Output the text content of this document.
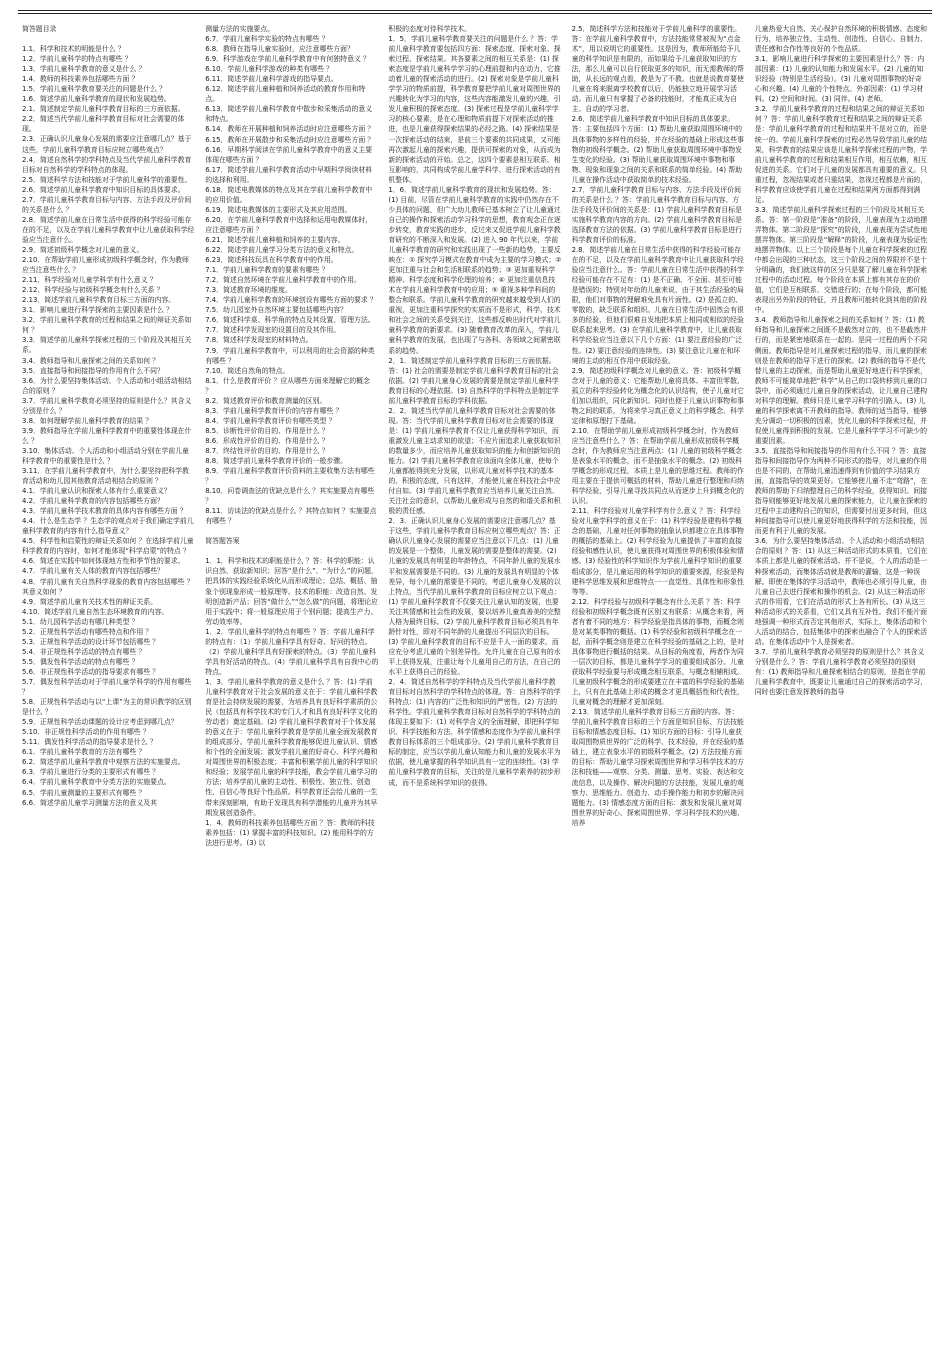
简答题目录

1.1．科学和技术的明能是什么 ？

1.2．学前儿童科学的特点有哪些 ？

1.3．学前儿童科学教育的意义是什么 ？

1.4．教师的科技素养包括哪些方面 ？

1.5．学前儿童科学教育要关注的问题是什么 ？

1.6．简述学前儿童科学教育的现状和发展趋势。

2.1．简述制定学前儿童科学教育目标的三方面依据。

2.2．简述当代学前儿童科学教育目标对社会需要的体现。

2.3．正确认识儿童身心发展的需要应注意哪几点？基于这些，学前儿童科学教育目标应树立哪些观点？

2.4．简述自然科学的学科特点及当代学前儿童科学教育目标对自然科学的学科特点的体现。

2.5．简述科学方法和技能对于学前儿童科学的重要性。

2.6．简述学前儿童科学教育中知识目标的具体要求。

2.7．学前儿童科学教育目标与内容、方法手段及评价间的关系是什么 ？

2.8．简述学前儿童在日常生活中获得的科学经验可能存在的不足，以及在学前儿童科学教育中让儿童获取科学经验应当注意什么。

2.9．简述初级科学概念对儿童的意义。

2.10．在帮助学前儿童形成初级科学概念时，作为教师应当注意些什么 ？

2.11．科学经验对儿童学科学有什么意义 ？

2.12．科学经验与初级科学概念有什么关系 ？

2.13．简述学前儿童科学教育目标三方面的内容。

3.1．影响儿童进行科学探索的主要因素是什么 ？

3.2．学前儿童科学教育的过程和结果之间的辩证关系如何 ？

3.3．简述学前儿童科学探索过程的三个阶段及其相互关系。

3.4．教师指导和儿童探索之间的关系如何 ？

3.5．直接指导和间接指导的作用有什么不同？

3.6．为什么要坚持集体活动、个人活动和小组活动相结合的原则 ？

3.7．学前儿童科学教育必须坚持的原则是什么？其含义分别是什么 ？

3.8．如何理解学前儿童科学教育的结果 ？

3.9．教师指导在学前儿童科学教育中的重要性体现在什么 ？

3.10．集体活动、个人活动和小组活动分别在学前儿童科学教育中的重要性是什么 ？

3.11．在学前儿童科学教育中，为什么要坚持把科学教育活动和幼儿园其他教育活动相结合的原则 ？

4.1．学前儿童认识和探索人体有什么重要意义？

4.2．学前儿童科学教育的内容包括哪些方面？

4.3．学前儿童科学技术教育的具体内容有哪些方面 ？

4.4．什么是生态学 ？生态学的观点对于我们确定学前儿童科学教育的内容有什么指导意义？

4.5．科学性和启蒙性的辩证关系如何 ？在选择学前儿童科学教育的内容时，如何才能体现“科学启蒙”的特点 ？

4.6．简述在实践中如何体现地方性和季节性的要求。

4.7．学前儿童有关人体的教育内容包括哪些？

4.8．学前儿童有关自然科学现象的教育内容包括哪些 ？其意义如何 ？

4.9．简述学前儿童有关技术性的辩证关系。

4.10．简述学前儿童自然生态环境教育的内容。

5.1．幼儿园科学活动有哪几种类型 ？

5.2．正规性科学活动有哪些特点和作用 ？

5.3．正规性科学活动的设计环节包括哪些 ？

5.4．非正规性科学活动的特点有哪些 ？

5.5．偶发性科学活动的特点有哪些 ？

5.6．非正规性科学活动的指导要求有哪些 ？

5.7．偶发性科学活动对于学前儿童学科学的作用有哪些 ？

5.8．正规性科学活动与以“上课”为主的常识教学的区别是什么 ？

5.9．正规性科学活动课题的设计应考虑到哪几点？

5.10．非正规性科学活动的作用有哪些 ？

5.11．偶发性科学活动的指导要求是什么 ？

6.1．学前儿童科学教育的方法有哪些 ？

6.2．简述学前儿童科学教育中观察方法的实施要点。

6.3．学前儿童进行分类的主要形式有哪些 ？

6.4．学前儿童科学教育中分类方法的实施要点。

6.5．学前儿童测量的主要形式有哪些 ？

6.6．简述学前儿童学习测量方法的意义及其

测量方法的实施要点。

6.7．学前儿童科学实验的特点有哪些 ？

6.8．教师在指导儿童实验时，应注意哪些方面？

6.9．科学游戏在学前儿童科学教育中有何独特意义 ？

6.10．学前儿童科学游戏的种类有哪些 ？

6.11．简述学前儿童科学游戏的指导要点。

6.12．简述学前儿童种植和饲养活动的教育作用和特点。

6.13．简述学前儿童科学教育中散步和采集活动的意义和特点。

6.14．教师在开展种植和饲养活动时应注意哪些方面 ？

6.15．教师在开展散步和采集活动时应注意哪些方面 ？

6.16．早期科学阅读在学前儿童科学教育中的意义主要体现在哪些方面 ？

6.17．简述学前儿童科学教育活动中早期科学阅读材料的选择和利用。

6.18．简述电教媒体的特点及其在学前儿童科学教育中的应用价值。

6.19．简述电教媒体的主要形式及其应用范围。

6.20．在学前儿童科学教育中选择和运用电教媒体时，应注意哪些方面 ？

6.21．简述学前儿童种植和饲养的主要内容。

6.22．简述学前儿童学习分类方法的意义和特点。

6.23．简述科技玩具在科学教育中的作用。

7.1．学前儿童科学教育的要素有哪些 ？

7.2．简述自然环境在学前儿童科学教育中的作用。

7.3．简述教育环境的维度。

7.4．学前儿童科学教育的环境创设有哪些方面的要求 ？

7.5．幼儿园室外自然环境主要包括哪些内容？

7.6．简述科学桌、科学角的特点及其设置、管理方法。

7.7．简述科学发现室的设置目的及其作用。

7.8．简述科学发现室的材料特点。

7.9．学前儿童科学教育中，可以利用的社会资源的种类有哪些 ？

7.10．简述自然角的特点。

8.1．什么是教育评价 ？应从哪些方面来理解它的概念 ？

8.2．简述教育评价和教育测量的区别。

8.3．学前儿童科学教育评价的内容有哪些 ？

8.4．学前儿童科学教育评价有哪些类型 ？

8.5．诊断性评价的目的、作用是什么 ？

8.6．形成性评价的目的、作用是什么 ？

8.7．终结性评价的目的、作用是什么 ？

8.8．简述学前儿童科学教育评价的一般步骤。

8.9．学前儿童科学教育评价资料的主要收集方法有哪些 ？

8.10．问卷调查法的优缺点是什么 ？其实施要点有哪些 ？

8.11．访谈法的优缺点是什么 ？其特点如何 ？实施要点有哪些 ？

简答题答案

1．1．科学和技术的职能是什么 ？答：科学的职能：认识自然、获取新知识；回答“是什么”、“为什么”的问题，把具体的实践经验系统化从而形成理论；总结、概括、抽象个别现象形成一般原理等。技术的职能：改造自然、发明创造新产品；回答“做什么”“怎么做”的问题，将理论应用于实践中；将一般原理应用于个别问题；提高生产力、劳动效率等。

1．2．学前儿童科学的特点有哪些 ？答：学前儿童科学的特点有：（1）学前儿童科学具有好奇、好问的特点。（2）学前儿童科学具有好探索的特点。（3）学前儿童科学具有好活动的特点。（4）学前儿童科学具有自我中心的特点。

1．3．学前儿童科学教育的意义是什么 ？答：(1) 学前儿童科学教育对于社会发展的意义在于：学前儿童科学教育是社会持续发展的需要，为培养具有良好科学素质的公民（包括具有科学技术的专门人才和具有良好科学文化的劳动者）奠定基础。(2) 学前儿童科学教育对于个体发展的意义在于：学前儿童科学教育是学前儿童全面发展教育的组成部分。学前儿童科学教育能够促进儿童认识、情感和个性的全面发展；激发学前儿童的好奇心、科学兴趣和对周围世界的积极态度；丰富和积累学前儿童的科学知识和经验；发展学前儿童的科学技能，教会学前儿童学习的方法；培养学前儿童的主动性、积极性、独立性、创造性，自信心等良好个性品质。科学教育还会给儿童的一生带来深刻影响，有助于发现具有科学潜能的儿童并为其早期发展创造条件。

1．4．教师的科技素养包括哪些方面 ？答：教师的科技素养包括：(1) 掌握丰富的科技知识。(2) 能用科学的方法进行思考。(3) 以

积极的态度对待科学技术。

1．5．学前儿童科学教育要关注的问题是什么 ？答：学前儿童科学教育要包括四方面：探索态度、探索对象、探索过程、探索结果。其各要素之间的相互关系是：(1) 探索态度是学前儿童科学学习的心理前提和内在动力，它推动着儿童的探索活动的进行。(2) 探索对象是学前儿童科学学习的物质前提，科学教育要把学前儿童对周围世界的兴趣转化为学习的内容，这些内容能激发儿童的兴趣，引发儿童积极的探索态度。(3) 探索过程是学前儿童科学学习的核心要素，是在心理和物质前提下对探索活动的推进，也是儿童获得探索结果的必经之路。(4) 探索结果是一次探索活动的结束，是前三个要素的共同成果，又可能再次激起儿童的探索兴趣，提供可探索的对象，从而成为新的探索活动的开始。总之，这四个要素是相互联系、相互影响的，共同构成学前儿童学科学、进行探索活动的有机整体。

1．6．简述学前儿童科学教育的现状和发展趋势。答：(1) 目前，尽管在学前儿童科学教育的实践中仍然存在不少具体的问题，但广大幼儿教师已基本树立了让儿童通过自己的操作和探索活动学习科学的思想，教育观念正在逐步转变，教育实践的进步，反过来又促进学前儿童科学教育研究的不断深入和发展。(2) 进入 90 年代以来，学前儿童科学教育的研究和实践出现了一些新的趋势，主要反映在：① 探究学习模式在教育中成为主要的学习模式；② 更加注重与社会和生活相联系的趋势；③ 更加重视科学精神、科学态度和科学伦理的培养；④ 更加注重信息技术在学前儿童科学教育中的应用；⑤ 重视多种学科间的整合和联系。学前儿童科学教育的研究越来越受到人们的重视，更加注重科学探究的实质而不是形式，科学、技术和社会之间的关系受到关注，这些都反映出时代对学前儿童科学教育的新要求。(3) 随着教育改革的深入，学前儿童科学教育的发展，也出现了与各科、各领域之间紧密联系的趋势。

2．1．简述制定学前儿童科学教育目标的三方面依据。答：(1) 社会的需要是制定学前儿童科学教育目标的社会依据。(2) 学前儿童身心发展的需要是制定学前儿童科学教育目标的心理依据。(3) 自然科学的学科特点是制定学前儿童科学教育目标的学科依据。

2．2．简述当代学前儿童科学教育目标对社会需要的体现。答：当代学前儿童科学教育目标对社会需要的体现是：(1) 学前儿童科学教育不仅让儿童获得科学知识，而重激发儿童主动求知的欲望；不应片面追求儿童获取知识的数量多少，而应培养儿童获取知识的能力和创新知识的能力。(2) 学前儿童科学教育应该面向全体儿童，使每个儿童都能得到充分发展，以形成儿童对科学技术的基本的、积极的态度，只有这样，才能使儿童在科技社会中应付自如。(3) 学前儿童科学教育应当培养儿童关注自然、关注社会的意识，以帮助儿童形成与自然的和谐关系和积极的责任感。

2．3．正确认识儿童身心发展的需要应注意哪几点？基于这些，学前儿童科学教育目标应树立哪些观点？答：正确认识儿童身心发展的需要应当注意以下几点：(1) 儿童的发展是一个整体，儿童发展的需要是整体的需要。(2) 儿童的发展具有明显的年龄特点，不同年龄儿童的发展水平和发展需要是不同的。(3) 儿童的发展具有明显的个体差异，每个儿童的需要是不同的。考虑儿童身心发展的以上特点，当代学前儿童科学教育的目标应树立以下观点：(1) 学前儿童科学教育不仅要关注儿童认知的发展，也要关注其情感和社会性的发展，要以培养儿童真善美的完整人格为最终目标。(2) 学前儿童科学教育目标必须具有年龄针对性，即对不同年龄的儿童提出不同层次的目标。(3) 学前儿童科学教育的目标不应是千人一面的要求，而应充分考虑儿童的个别差异性。允许儿童在自己原有的水平上获得发展，注重让每个儿童用自己的方法，在自己的水平上获得自己的经验。

2．4．简述自然科学的学科特点及当代学前儿童科学教育目标对自然科学的学科特点的体现。答：自然科学的学科特点：(1) 内容的广泛性和知识的严密性。(2) 方法的科学性。学前儿童科学教育目标对自然科学的学科特点的体现主要如下：(1) 对科学含义的全面理解，即把科学知识、科学技能和方法、科学情感和态度作为学前儿童科学教育目标体系的三个组成部分。(2) 学前儿童科学教育目标的制定，应当以学前儿童认知能力和儿童的发展水平为依据，使儿童掌握的科学知识具有一定的连续性。(3) 学前儿童科学教育的目标，关注的是儿童科学素养的初步形成，而不是系统科学知识的获得。

2.5．简述科学方法和技能对于学前儿童科学的重要性。答：在学前儿童科学教育中，方法技能常常被视为“点金术”，用以说明它的重要性。这是因为，教师所能给予儿童的科学知识是有限的，而如果给予儿童获取知识的方法，那么儿童可以自行获取更多的知识，而无需教师的帮助，从长远的观点看，教是为了不教。也就是说教育要使儿童在将来脱离学校教育以后，仍能独立地开展学习活动。而儿童只有掌握了必备的技能时，才能真正成为自主、自动的学习者。

2.6．简述学前儿童科学教育中知识目标的具体要求。答：主要包括四个方面：(1) 帮助儿童获取周围环境中的具体事物的多样性的经验，并在经验的基础上形成这些事物的初级科学概念。(2) 帮助儿童获取周围环境中事物发生变化的经验。(3) 帮助儿童获取周围环境中事物和事物、现象和现象之间的关系和联系的简单经验。(4) 帮助儿童在操作活动中获取简单的技术经验。

2.7．学前儿童科学教育目标与内容、方法手段及评价间的关系是什么 ？答：学前儿童科学教育目标与内容、方法手段及评价间的关系是：(1) 学前儿童科学教育目标是实施科学教育内容的方向。(2) 学前儿童科学教育目标是选择教育方法的依据。(3) 学前儿童科学教育目标是进行科学教育评价的标准。

2.8．简述学前儿童在日常生活中获得的科学经验可能存在的不足，以及在学前儿童科学教育中让儿童获取科学经验应当注意什么。答：学前儿童在日常生活中获得的科学经验可能存在不足有：(1) 是不正确、不全面、甚至可能是错误的；特别对年幼的儿童来说，由于其生活经验的局限，他们对事物的理解难免具有片面性。(2) 是孤立的、零散的，缺乏联系和组织。儿童在日常生活中固然会有很多的经验，但他们很难自发地把本质上相同或相似的经验联系起来思考。(3) 在学前儿童科学教育中，让儿童获取科学经验应当注意以下几个方面：(1) 要注意经验的广泛性。(2) 要注意经验的连续性。(3) 要注意让儿童在和环境的主动的相互作用中获取经验。

2.9．简述初级科学概念对儿童的意义。答：初级科学概念对于儿童的意义：它能帮助儿童将具体、丰富但零散、孤立的科学经验转化为概念化的认识结构，使子儿童对它们加以组织，同化新知识。同时也便于儿童认识事物和事物之间的联系，为将来学习真正意义上的科学概念、科学定律和原理打下基础。

2.10．在帮助学前儿童形成初级科学概念时，作为教师应当注意些什么 ？答：在帮助学前儿童形成初级科学概念时，作为教师应当注意两点：(1) 儿童的初级科学概念是表象水平的概念，而不是抽象水平的概念。(2) 初级科学概念的形成过程，本质上是儿童的思维过程。教师的作用主要在于提供可概括的材料，帮助儿童进行整理和归纳科学经验，引导儿童寻找共同点从而逐步上升到概念化的认识。

2.11．科学经验对儿童学科学有什么意义 ？答：科学经验对儿童学科学的意义在于：(1) 科学经验是建构科学概念的基础，儿童对任何事物的抽象认识都建立在具体事物的概括的基础上。(2) 科学经验为儿童提供了丰富的直接经验和感性认识，使儿童获得对周围世界的积极体验和情感。(3) 经验性的科学知识作为学前儿童科学知识的重要组成部分，是儿童运用的科学知识的重要来源，经验是构建科学思维发展和思维特点一一直觉性、具体性和形象性等等。

2.12．科学经验与初级科学概念有什么关系 ？答：科学经验和初级科学概念既有区别又有联系：从概念来看，两者有着不同的地方：科学经验是指具体的事物，而概念则是对某类事物的概括。(1) 科学经验和初级科学概念在一起，而科学概念则是建立在科学经验的基础之上的，是对具体事物进行概括的结果。从目标的角度看，两者作为同一层次的目标，都是儿童科学学习的重要组成部分。儿童获取科学经验要与形成概念相互联系，与概念相辅相成。儿童初级科学概念的形成要建立在丰富的科学经验的基础上，只有在此基础上形成的概念才更具概括性和代表性，儿童对概念的理解才更加深刻。

2.13．简述学前儿童科学教育目标三方面的内容。答：学前儿童科学教育目标的三个方面是知识目标、方法技能目标和情感态度目标。(1) 知识方面的目标：引导儿童获取周围物质世界的广泛的科学、技术经验，并在经验的基础上，建立表象水平的初级科学概念。(2) 方法技能方面的目标：帮助儿童学习探索周围世界和学习科学技术的方法和技能——观察、分类、测量、思考、实验、表达和交流信息，以及操作、解决问题的方法技能，发展儿童的观察力、思维能力、创造力、动手操作能力和初步的解决问题能力。(3) 情感态度方面的目标：激发和发展儿童对周围世界的好奇心、探索周围世界、学习科学技术的兴趣、培养

儿童热爱大自然、关心保护自然环境的积极情感、态度和行为，培养独立性、主动性、创造性、自信心、自制力、责任感和合作性等良好的个性品质。

3.1．影响儿童进行科学探索的主要因素是什么？答：内部因素：(1) 儿童的认知能力和发展水平。(2) 儿童的知识经验（特别是生活经验）。(3) 儿童对周围事物的好奇心和兴趣。(4) 儿童的个性特点。外部因素：(1) 学习材料。(2) 空间和时间。(3) 同伴。(4) 老师。

3.2．学前儿童科学教育的过程和结果之间的辩证关系如何 ？答：学前儿童科学教育过程和结果之间的辩证关系是：学前儿童科学教育的过程和结果并不是对立的，而是统一的。学前儿童科学探索的过程必然导致学前儿童的结果，科学教育的结果应该是儿童科学探索过程的产物，学前儿童科学教育的过程和结果相互作用，相互依赖，相互促进的关系。它们对于儿童的发展都具有重要的意义。只重过程，忽视结果或者只重结果，忽视过程都是片面的，科学教育应该使学前儿童在过程和结果两方面都得到满足。

3.3．简述学前儿童科学探索过程的三个阶段及其相互关系。答：第一阶段是“准备”的阶段，儿童表现为主动地摆弄物体。第二阶段是“探究”的阶段，儿童表现为尝试性地摆弄物体。第三阶段是“解释”的阶段，儿童表现为验证性地摆弄物体。以上三个阶段是每个儿童在科学探索的过程中都会出现的三种状态，这三个阶段之间的界限并不是十分明确的，我们就这样的区分只是要了解儿童在科学探索过程中的活动过程。每个阶段在本质上都有其存在的价值，它们是互相联系、交错进行的；在每个阶段，都可能表现出另外阶段的特征，并且教师可能转化到其他的阶段中。

3.4．教师指导和儿童探索之间的关系如何 ？答：(1) 教师指导和儿童探索之间既不是截然对立的，也不是截然并行的，而是紧密地联系在一起的。是同一过程的两个不同侧面。教师指导是对儿童探索过程的指导，而儿童的探索则是在教师的指导下进行的探索。(2) 教师的指导不是代替儿童的主动探索，而是帮助儿童更好地进行科学探索，教师不可能简单地把“科学”从自己的口袋转移到儿童的口袋中，而必须通过儿童自身的探索活动，让儿童自己建构对科学的理解。教师只是儿童学习科学的引路人。(3) 儿童的科学探索离不开教师的指导。教师的适当指导，能够充分调动一切积极的因素，优化儿童的科学探索过程，并促使儿童得到积极的发展。它是儿童科学学习不可缺少的重要因素。

3.5．直接指导和间接指导的作用有什么不同 ？答：直接指导和间接指导作为两种不同形式的指导，对儿童的作用也是不同的，在帮助儿童迅速得到有价值的学习结果方面，直接指导的效果更好。它能够使儿童不走“弯路”，在教师的帮助下归纳整理自己的科学经验，获得知识。间接指导则能够更好地发展儿童的探索能力，让儿童在探索的过程中主动建构自己的知识，但需要付出更多时间，但这种间接指导可以使儿童更好地获得科学的方法和技能，因而更有利于儿童的发展。

3.6．为什么要坚持集体活动、个人活动和小组活动相结合的原则 ？答：(1) 从这三种活动形式的本质看，它们在本质上都是儿童的探索活动。并不是说，个人的活动是一种探索活动，而集体活动就是教师的灌输，这是一种误解。即使在集体的学习活动中，教师也必须引导儿童，由儿童自己去进行探索和操作的机会。(2) 从这三种活动形式的作用看，它们在活动的形式上各有所长。(3) 从这三种活动形式的关系看，它们又具有互补性。我们不能片面地强调一种形式而否定其他形式，实际上，集体活动和个人活动的结合，包括集体中的探索也融合了个人的探索活动。在集体活动中个人是探索者。

3.7．学前儿童科学教育必须坚持的原则是什么？其含义分别是什么 ？答：学前儿童科学教育必须坚持的原则有：(1) 教师指导和儿童探索相结合的原则，是指在学前儿童科学教育中，既要让儿童通过自己的探索活动学习，同时也要注意发挥教师的指导
